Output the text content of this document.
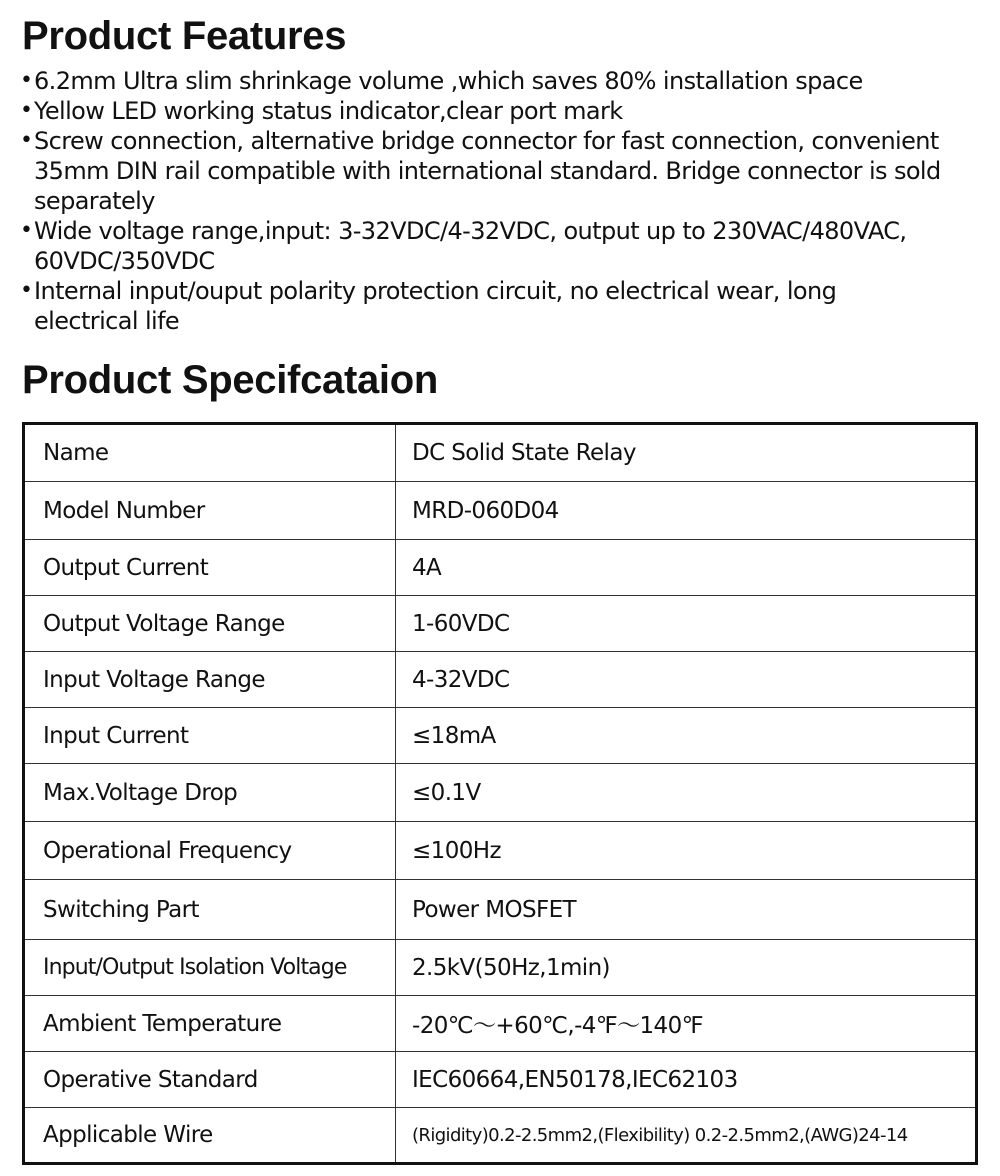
Product Features
• 6.2mm Ultra slim shrinkage volume ,which saves 80% installation space
• Yellow LED working status indicator,clear port mark
• Screw connection, alternative bridge connector for fast connection, convenient
35mm DIN rail compatible with international standard. Bridge connector is sold
separately
• Wide voltage range,input: 3-32VDC/4-32VDC, output up to 230VAC/480VAC,
60VDC/350VDC
• Internal input/ouput polarity protection circuit, no electrical wear, long
electrical life
Product Specifcataion
Name	DC Solid State Relay
Model Number	MRD-060D04
Output Current	4A
Output Voltage Range	1-60VDC
Input Voltage Range	4-32VDC
Input Current	≤18mA
Max.Voltage Drop	≤0.1V
Operational Frequency	≤100Hz
Switching Part	Power MOSFET
Input/Output Isolation Voltage	2.5kV(50Hz,1min)
Ambient Temperature	-20℃～+60℃,-4℉～140℉
Operative Standard	IEC60664,EN50178,IEC62103
Applicable Wire	(Rigidity)0.2-2.5mm2,(Flexibility) 0.2-2.5mm2,(AWG)24-14
